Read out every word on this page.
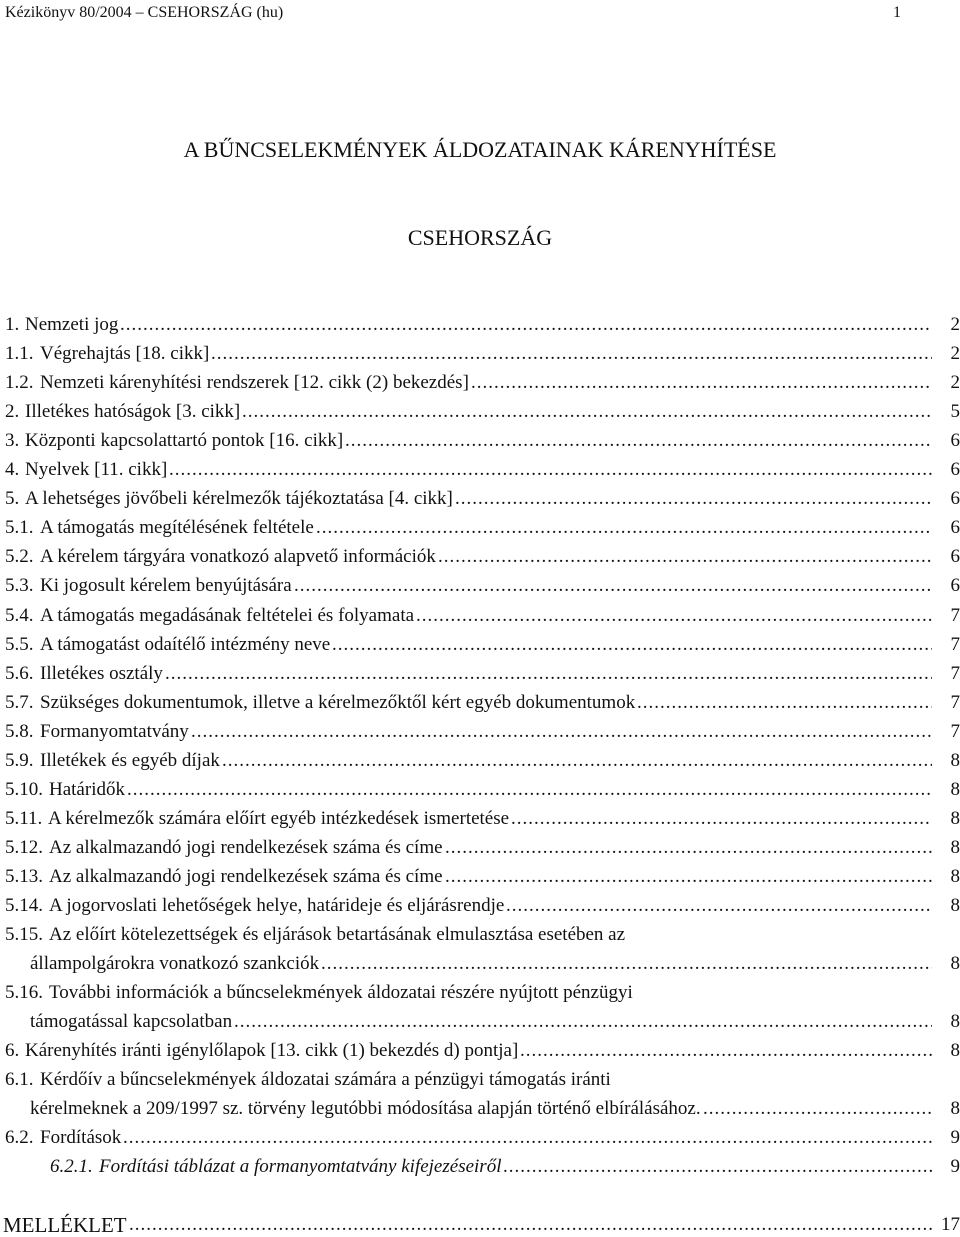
Kézikönyv 80/2004 – CSEHORSZÁG (hu)	1
A BŰNCSELEKMÉNYEK ÁLDOZATAINAK KÁRENYHÍTÉSE
CSEHORSZÁG
1. Nemzeti jog .....	2
1.1. Végrehajtás [18. cikk] .....	2
1.2. Nemzeti kárenyhítési rendszerek [12. cikk (2) bekezdés] .....	2
2. Illetékes hatóságok [3. cikk] .....	5
3. Központi kapcsolattartó pontok [16. cikk] .....	6
4. Nyelvek [11. cikk] .....	6
5. A lehetséges jövőbeli kérelmezők tájékoztatása [4. cikk] .....	6
5.1. A támogatás megítélésének feltétele .....	6
5.2. A kérelem tárgyára vonatkozó alapvető információk .....	6
5.3. Ki jogosult kérelem benyújtására .....	6
5.4. A támogatás megadásának feltételei és folyamata .....	7
5.5. A támogatást odaítélő intézmény neve .....	7
5.6. Illetékes osztály .....	7
5.7. Szükséges dokumentumok, illetve a kérelmezőktől kért egyéb dokumentumok .....	7
5.8. Formanyomtatvány .....	7
5.9. Illetékek és egyéb díjak .....	8
5.10. Határidők .....	8
5.11. A kérelmezők számára előírt egyéb intézkedések ismertetése .....	8
5.12. Az alkalmazandó jogi rendelkezések száma és címe .....	8
5.13. Az alkalmazandó jogi rendelkezések száma és címe .....	8
5.14. A jogorvoslati lehetőségek helye, határideje és eljárásrendje .....	8
5.15. Az előírt kötelezettségek és eljárások betartásának elmulasztása esetében az
állampolgárokra vonatkozó szankciók .....	8
5.16. További információk a bűncselekmények áldozatai részére nyújtott pénzügyi
támogatással kapcsolatban .....	8
6. Kárenyhítés iránti igénylőlapok [13. cikk (1) bekezdés d) pontja] .....	8
6.1. Kérdőív a bűncselekmények áldozatai számára a pénzügyi támogatás iránti
kérelmeknek a 209/1997 sz. törvény legutóbbi módosítása alapján történő elbírálásához. .....	8
6.2. Fordítások .....	9
6.2.1. Fordítási táblázat a formanyomtatvány kifejezéseiről .....	9
MELLÉKLET .....	17
